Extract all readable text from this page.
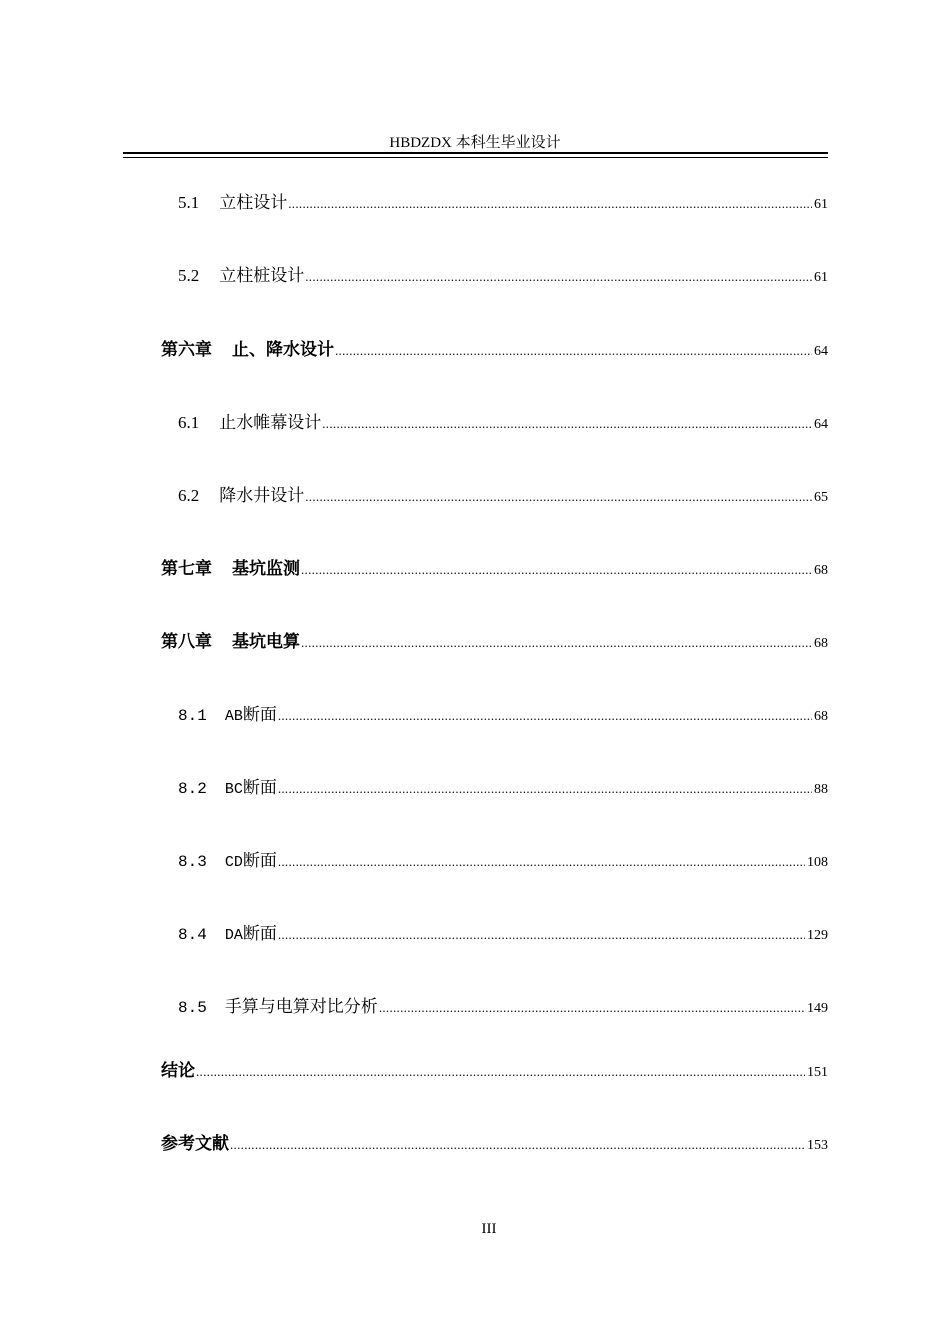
HBDZDX 本科生毕业设计
5.1 立柱设计 .....	61
5.2 立柱桩设计 .....	61
第六章 止、降水设计 .....	64
6.1 止水帷幕设计 .....	64
6.2 降水井设计 .....	65
第七章 基坑监测 .....	68
第八章 基坑电算 .....	68
8.1 AB断面 .....	68
8.2 BC断面 .....	88
8.3 CD断面 .....	108
8.4 DA断面 .....	129
8.5 手算与电算对比分析 .....	149
结论 .....	151
参考文献 .....	153
III
